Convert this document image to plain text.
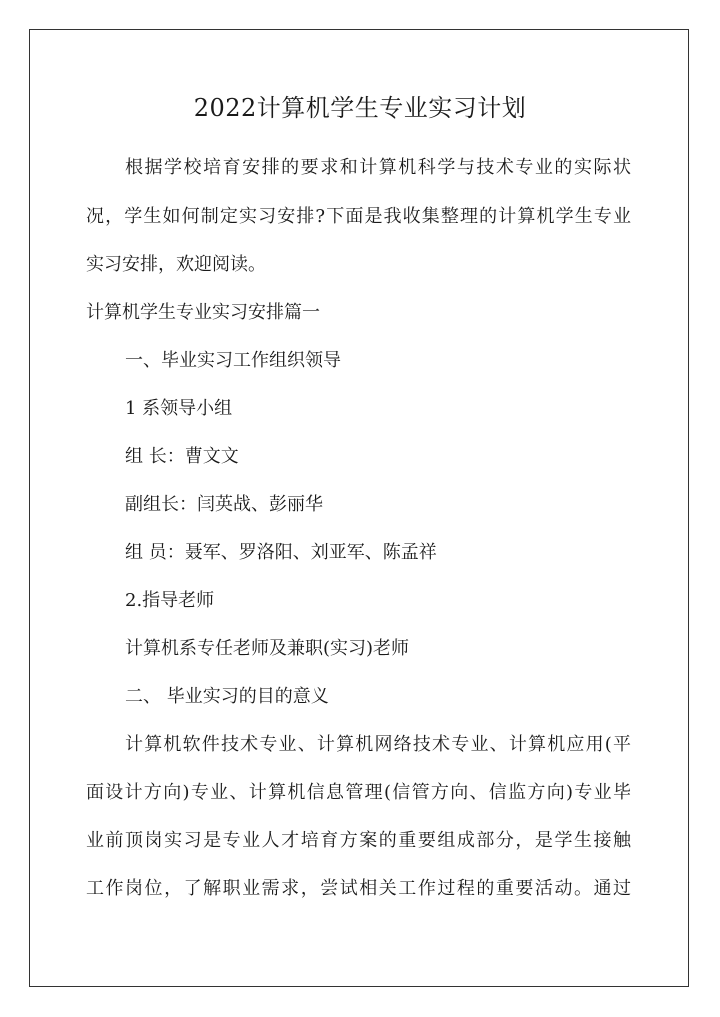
2022计算机学生专业实习计划
根据学校培育安排的要求和计算机科学与技术专业的实际状
况，学生如何制定实习安排?下面是我收集整理的计算机学生专业
实习安排，欢迎阅读。
计算机学生专业实习安排篇一
一、毕业实习工作组织领导
1 系领导小组
组 长：曹文文
副组长：闫英战、彭丽华
组 员：聂军、罗洛阳、刘亚军、陈孟祥
2.指导老师
计算机系专任老师及兼职(实习)老师
二、 毕业实习的目的意义
计算机软件技术专业、计算机网络技术专业、计算机应用(平
面设计方向)专业、计算机信息管理(信管方向、信监方向)专业毕
业前顶岗实习是专业人才培育方案的重要组成部分，是学生接触
工作岗位，了解职业需求，尝试相关工作过程的重要活动。通过
